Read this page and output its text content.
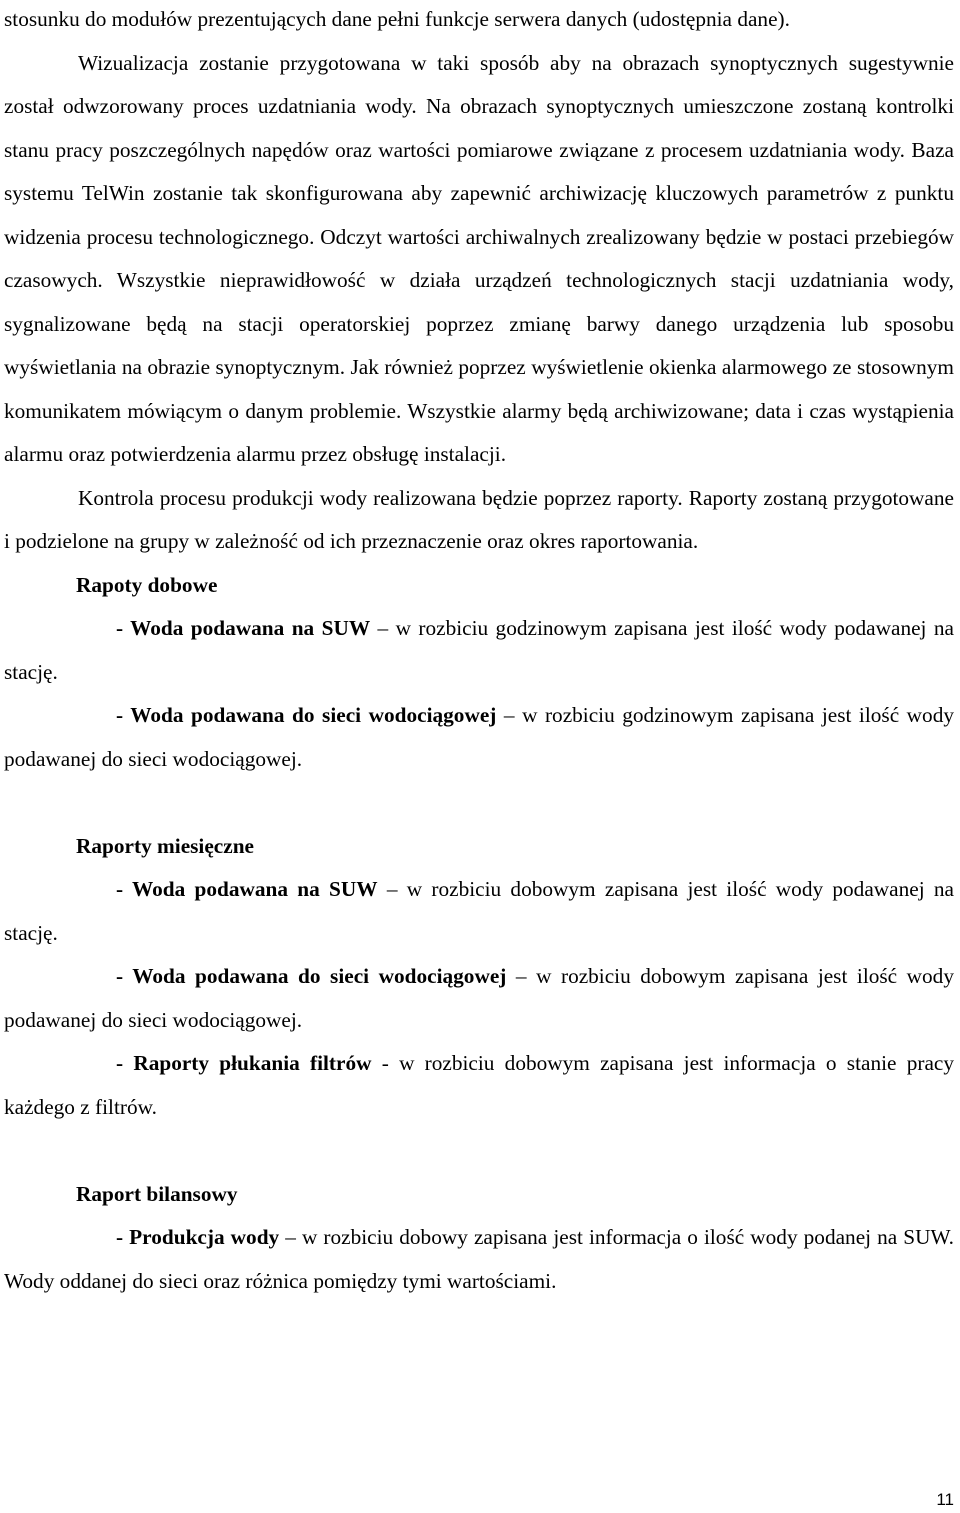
stosunku do modułów prezentujących dane pełni funkcje serwera danych (udostępnia dane).

Wizualizacja zostanie przygotowana w taki sposób aby na obrazach synoptycznych sugestywnie został odwzorowany proces uzdatniania wody. Na obrazach synoptycznych umieszczone zostaną kontrolki stanu pracy poszczególnych napędów oraz wartości pomiarowe związane z procesem uzdatniania wody. Baza systemu TelWin zostanie tak skonfigurowana aby zapewnić archiwizację kluczowych parametrów z punktu widzenia procesu technologicznego. Odczyt wartości archiwalnych zrealizowany będzie w postaci przebiegów czasowych. Wszystkie nieprawidłowość w działa urządzeń technologicznych stacji uzdatniania wody, sygnalizowane będą na stacji operatorskiej poprzez zmianę barwy danego urządzenia lub sposobu wyświetlania na obrazie synoptycznym. Jak również poprzez wyświetlenie okienka alarmowego ze stosownym komunikatem mówiącym o danym problemie. Wszystkie alarmy będą archiwizowane; data i czas wystąpienia alarmu oraz potwierdzenia alarmu przez obsługę instalacji.

Kontrola procesu produkcji wody realizowana będzie poprzez raporty. Raporty zostaną przygotowane i podzielone na grupy w zależność od ich przeznaczenie oraz okres raportowania.

Rapoty dobowe

- Woda podawana na SUW – w rozbiciu godzinowym zapisana jest ilość wody podawanej na stację.

- Woda podawana do sieci wodociągowej – w rozbiciu godzinowym zapisana jest ilość wody podawanej do sieci wodociągowej.

Raporty miesięczne

- Woda podawana na SUW – w rozbiciu dobowym zapisana jest ilość wody podawanej na stację.

- Woda podawana do sieci wodociągowej – w rozbiciu dobowym zapisana jest ilość wody podawanej do sieci wodociągowej.

- Raporty płukania filtrów - w rozbiciu dobowym zapisana jest informacja o stanie pracy każdego z filtrów.

Raport bilansowy

- Produkcja wody – w rozbiciu dobowy zapisana jest informacja o ilość wody podanej na SUW. Wody oddanej do sieci oraz różnica pomiędzy tymi wartościami.

11
